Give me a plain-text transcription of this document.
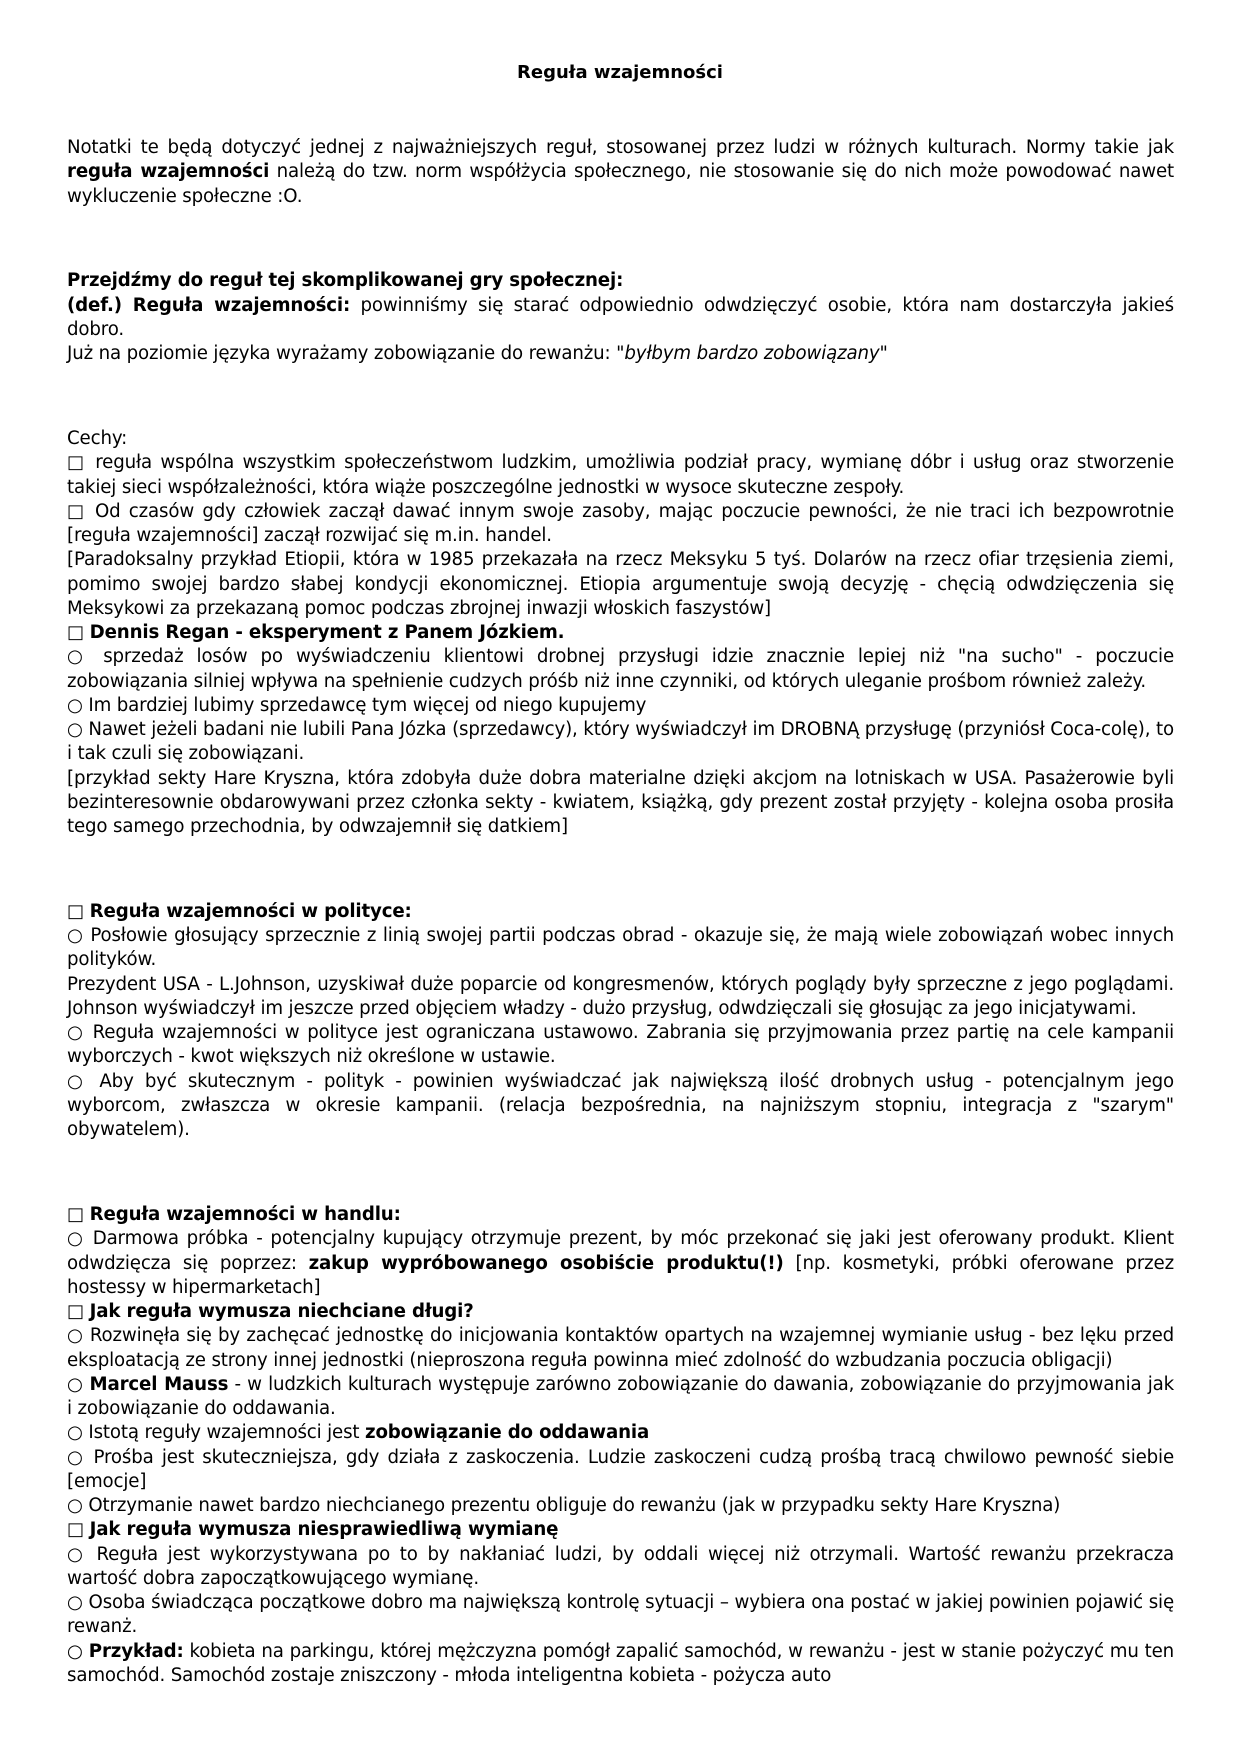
Reguła wzajemności

Notatki te będą dotyczyć jednej z najważniejszych reguł, stosowanej przez ludzi w różnych kulturach. Normy takie jak reguła wzajemności należą do tzw. norm współżycia społecznego, nie stosowanie się do nich może powodować nawet wykluczenie społeczne :O.

Przejdźmy do reguł tej skomplikowanej gry społecznej:

(def.) Reguła wzajemności: powinniśmy się starać odpowiednio odwdzięczyć osobie, która nam dostarczyła jakieś dobro.

Już na poziomie języka wyrażamy zobowiązanie do rewanżu: "byłbym bardzo zobowiązany"

Cechy:

□ reguła wspólna wszystkim społeczeństwom ludzkim, umożliwia podział pracy, wymianę dóbr i usług oraz stworzenie takiej sieci współzależności, która wiąże poszczególne jednostki w wysoce skuteczne zespoły.

□ Od czasów gdy człowiek zaczął dawać innym swoje zasoby, mając poczucie pewności, że nie traci ich bezpowrotnie [reguła wzajemności] zaczął rozwijać się m.in. handel.

[Paradoksalny przykład Etiopii, która w 1985 przekazała na rzecz Meksyku 5 tyś. Dolarów na rzecz ofiar trzęsienia ziemi, pomimo swojej bardzo słabej kondycji ekonomicznej. Etiopia argumentuje swoją decyzję - chęcią odwdzięczenia się Meksykowi za przekazaną pomoc podczas zbrojnej inwazji włoskich faszystów]

□ Dennis Regan - eksperyment z Panem Józkiem.

○ sprzedaż losów po wyświadczeniu klientowi drobnej przysługi idzie znacznie lepiej niż "na sucho" - poczucie zobowiązania silniej wpływa na spełnienie cudzych próśb niż inne czynniki, od których uleganie prośbom również zależy.

○ Im bardziej lubimy sprzedawcę tym więcej od niego kupujemy

○ Nawet jeżeli badani nie lubili Pana Józka (sprzedawcy), który wyświadczył im DROBNĄ przysługę (przyniósł Coca-colę), to i tak czuli się zobowiązani.

[przykład sekty Hare Kryszna, która zdobyła duże dobra materialne dzięki akcjom na lotniskach w USA. Pasażerowie byli bezinteresownie obdarowywani przez członka sekty - kwiatem, książką, gdy prezent został przyjęty - kolejna osoba prosiła tego samego przechodnia, by odwzajemnił się datkiem]

□ Reguła wzajemności w polityce:

○ Posłowie głosujący sprzecznie z linią swojej partii podczas obrad - okazuje się, że mają wiele zobowiązań wobec innych polityków.

Prezydent USA - L.Johnson, uzyskiwał duże poparcie od kongresmenów, których poglądy były sprzeczne z jego poglądami. Johnson wyświadczył im jeszcze przed objęciem władzy - dużo przysług, odwdzięczali się głosując za jego inicjatywami.

○ Reguła wzajemności w polityce jest ograniczana ustawowo. Zabrania się przyjmowania przez partię na cele kampanii wyborczych - kwot większych niż określone w ustawie.

○ Aby być skutecznym - polityk - powinien wyświadczać jak największą ilość drobnych usług - potencjalnym jego wyborcom, zwłaszcza w okresie kampanii. (relacja bezpośrednia, na najniższym stopniu, integracja z "szarym" obywatelem).

□ Reguła wzajemności w handlu:

○ Darmowa próbka - potencjalny kupujący otrzymuje prezent, by móc przekonać się jaki jest oferowany produkt. Klient odwdzięcza się poprzez: zakup wypróbowanego osobiście produktu(!) [np. kosmetyki, próbki oferowane przez hostessy w hipermarketach]

□ Jak reguła wymusza niechciane długi?

○ Rozwinęła się by zachęcać jednostkę do inicjowania kontaktów opartych na wzajemnej wymianie usług - bez lęku przed eksploatacją ze strony innej jednostki (nieproszona reguła powinna mieć zdolność do wzbudzania poczucia obligacji)

○ Marcel Mauss - w ludzkich kulturach występuje zarówno zobowiązanie do dawania, zobowiązanie do przyjmowania jak i zobowiązanie do oddawania.

○ Istotą reguły wzajemności jest zobowiązanie do oddawania

○ Prośba jest skuteczniejsza, gdy działa z zaskoczenia. Ludzie zaskoczeni cudzą prośbą tracą chwilowo pewność siebie [emocje]

○ Otrzymanie nawet bardzo niechcianego prezentu obliguje do rewanżu (jak w przypadku sekty Hare Kryszna)

□ Jak reguła wymusza niesprawiedliwą wymianę

○ Reguła jest wykorzystywana po to by nakłaniać ludzi, by oddali więcej niż otrzymali. Wartość rewanżu przekracza wartość dobra zapoczątkowującego wymianę.

○ Osoba świadcząca początkowe dobro ma największą kontrolę sytuacji – wybiera ona postać w jakiej powinien pojawić się rewanż.

○ Przykład: kobieta na parkingu, której mężczyzna pomógł zapalić samochód, w rewanżu - jest w stanie pożyczyć mu ten samochód. Samochód zostaje zniszczony - młoda inteligentna kobieta - pożycza auto
